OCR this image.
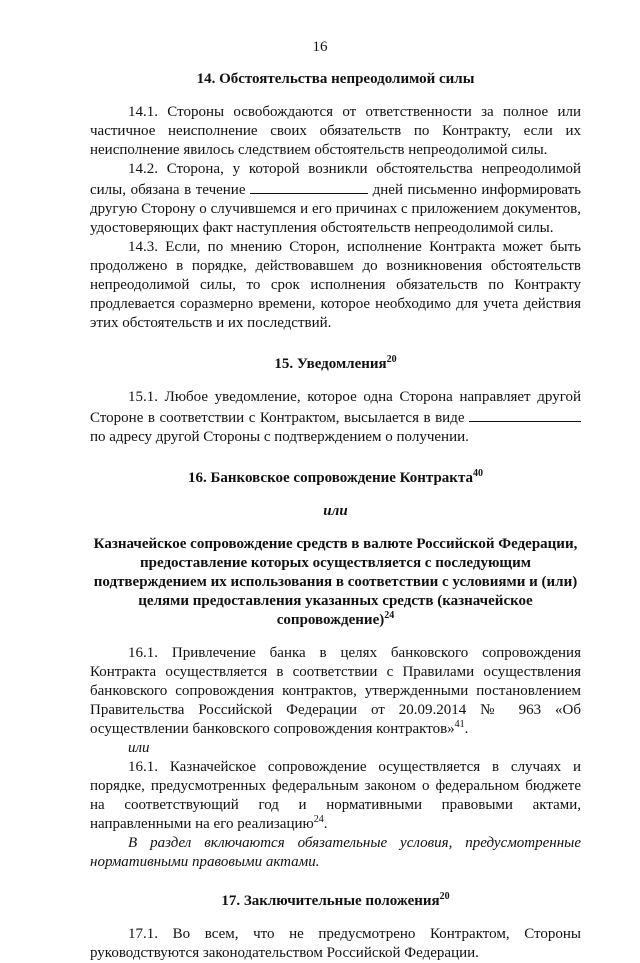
16
14. Обстоятельства непреодолимой силы

14.1. Стороны освобождаются от ответственности за полное или частичное неисполнение своих обязательств по Контракту, если их неисполнение явилось следствием обстоятельств непреодолимой силы.

14.2. Сторона, у которой возникли обстоятельства непреодолимой силы, обязана в течение	дней письменно информировать другую Сторону о случившемся и его причинах с приложением документов, удостоверяющих факт наступления обстоятельств непреодолимой силы.

14.3. Если, по мнению Сторон, исполнение Контракта может быть продолжено в порядке, действовавшем до возникновения обстоятельств непреодолимой силы, то срок исполнения обязательств по Контракту продлевается соразмерно времени, которое необходимо для учета действия этих обстоятельств и их последствий.

15. Уведомления$^{20}$

15.1. Любое уведомление, которое одна Сторона направляет другой Стороне в соответствии с Контрактом, высылается в виде  по адресу другой Стороны с подтверждением о получении.

16. Банковское сопровождение Контракта$^{40}$

или

Казначейское сопровождение средств в валюте Российской Федерации, предоставление которых осуществляется с последующим подтверждением их использования в соответствии с условиями и (или) целями предоставления указанных средств (казначейское сопровождение)$^{24}$

16.1. Привлечение банка в целях банковского сопровождения Контракта осуществляется в соответствии с Правилами осуществления банковского сопровождения контрактов, утвержденными постановлением Правительства Российской Федерации от 20.09.2014 № 963 «Об осуществлении банковского сопровождения контрактов»$^{41}$.

или

16.1. Казначейское сопровождение осуществляется в случаях и порядке, предусмотренных федеральным законом о федеральном бюджете на соответствующий год и нормативными правовыми актами, направленными на его реализацию$^{24}$.

В раздел включаются обязательные условия, предусмотренные нормативными правовыми актами.

17. Заключительные положения$^{20}$

17.1. Во всем, что не предусмотрено Контрактом, Стороны руководствуются законодательством Российской Федерации.
